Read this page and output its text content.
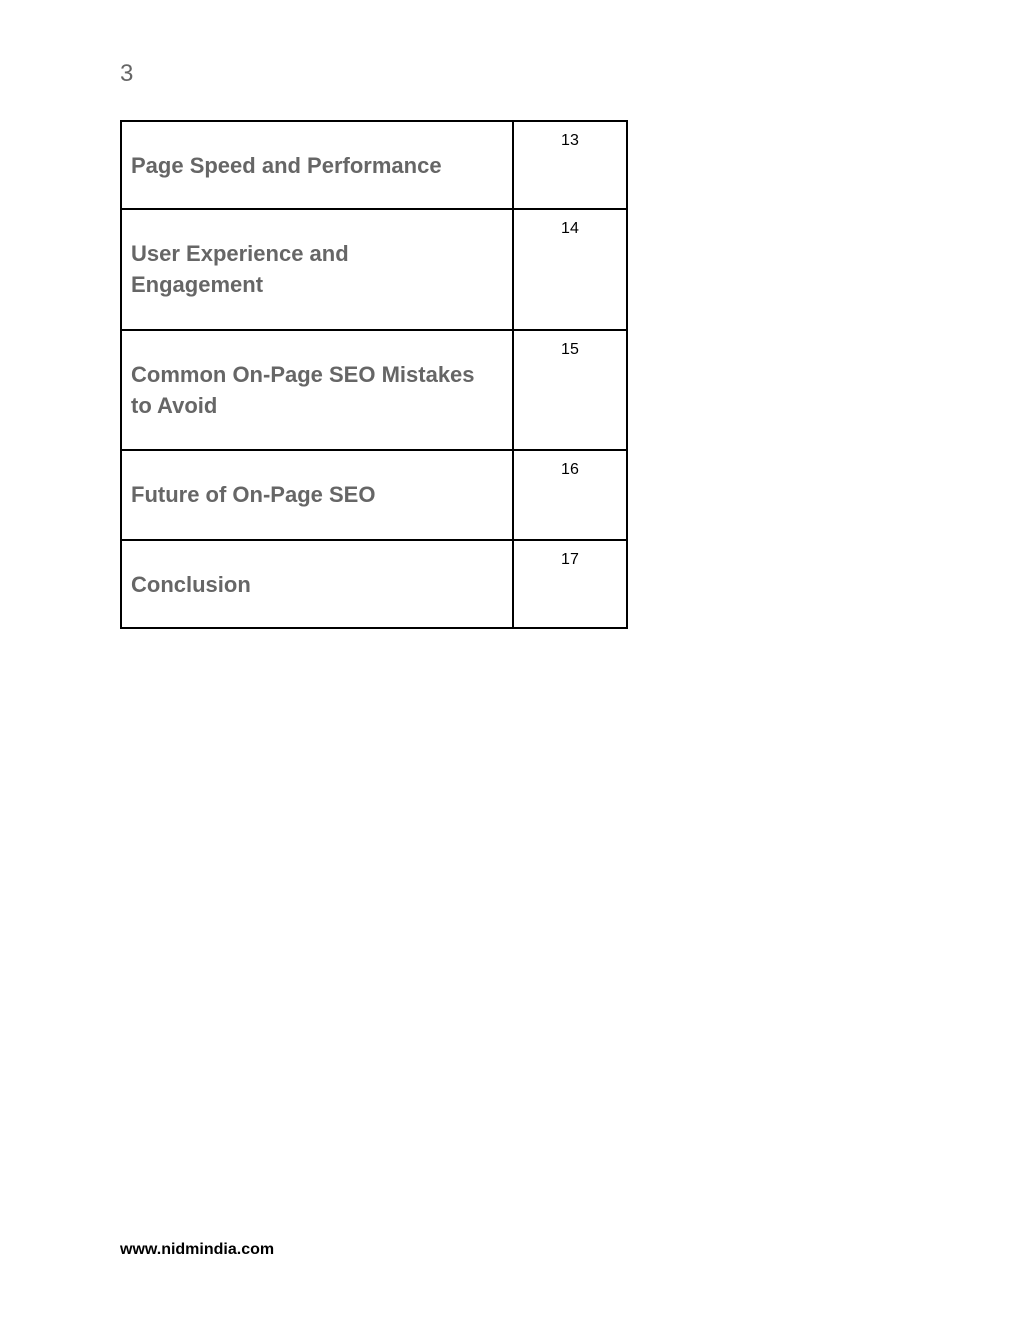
3
Page Speed and Performance	13

User Experience and Engagement	14

Common On-Page SEO Mistakes to Avoid	15

Future of On-Page SEO	16

Conclusion	17
www.nidmindia.com
